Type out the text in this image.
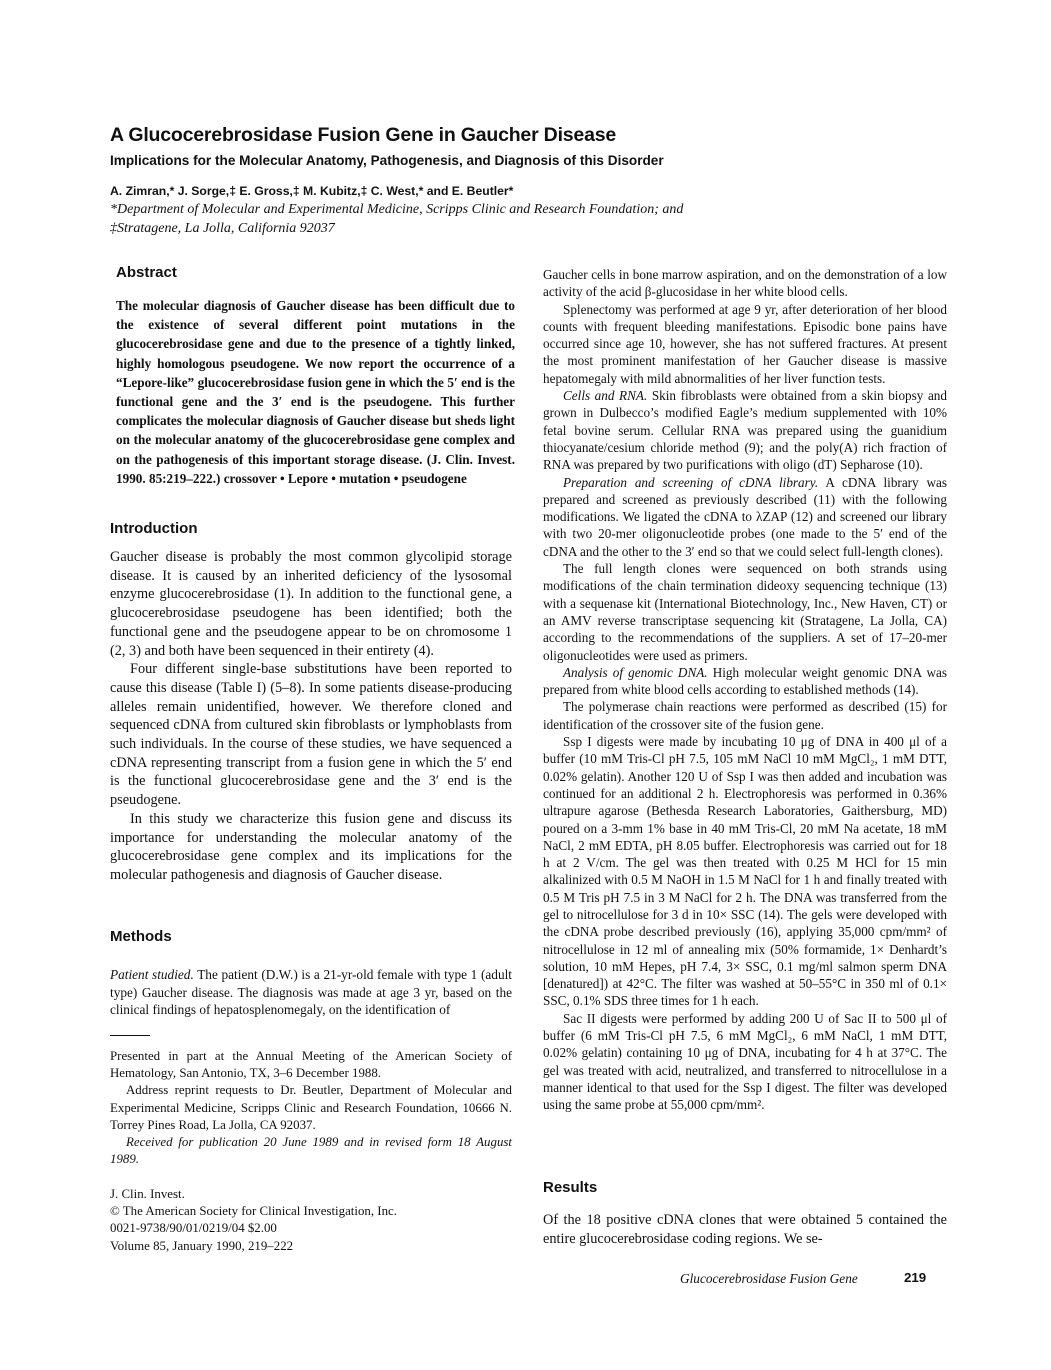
A Glucocerebrosidase Fusion Gene in Gaucher Disease
Implications for the Molecular Anatomy, Pathogenesis, and Diagnosis of this Disorder
A. Zimran,* J. Sorge,‡ E. Gross,‡ M. Kubitz,‡ C. West,* and E. Beutler*
*Department of Molecular and Experimental Medicine, Scripps Clinic and Research Foundation; and
‡Stratagene, La Jolla, California 92037
Abstract
The molecular diagnosis of Gaucher disease has been difficult due to the existence of several different point mutations in the glucocerebrosidase gene and due to the presence of a tightly linked, highly homologous pseudogene. We now report the occurrence of a “Lepore-like” glucocerebrosidase fusion gene in which the 5′ end is the functional gene and the 3′ end is the pseudogene. This further complicates the molecular diagnosis of Gaucher disease but sheds light on the molecular anatomy of the glucocerebrosidase gene complex and on the pathogenesis of this important storage disease. (J. Clin. Invest. 1990. 85:219–222.) crossover • Lepore • mutation • pseudogene
Introduction

Gaucher disease is probably the most common glycolipid storage disease. It is caused by an inherited deficiency of the lysosomal enzyme glucocerebrosidase (1). In addition to the functional gene, a glucocerebrosidase pseudogene has been identified; both the functional gene and the pseudogene appear to be on chromosome 1 (2, 3) and both have been sequenced in their entirety (4).

Four different single-base substitutions have been reported to cause this disease (Table I) (5–8). In some patients disease-producing alleles remain unidentified, however. We therefore cloned and sequenced cDNA from cultured skin fibroblasts or lymphoblasts from such individuals. In the course of these studies, we have sequenced a cDNA representing transcript from a fusion gene in which the 5′ end is the functional glucocerebrosidase gene and the 3′ end is the pseudogene.

In this study we characterize this fusion gene and discuss its importance for understanding the molecular anatomy of the glucocerebrosidase gene complex and its implications for the molecular pathogenesis and diagnosis of Gaucher disease.

Methods

Patient studied. The patient (D.W.) is a 21-yr-old female with type 1 (adult type) Gaucher disease. The diagnosis was made at age 3 yr, based on the clinical findings of hepatosplenomegaly, on the identification of

Presented in part at the Annual Meeting of the American Society of Hematology, San Antonio, TX, 3–6 December 1988.

Address reprint requests to Dr. Beutler, Department of Molecular and Experimental Medicine, Scripps Clinic and Research Foundation, 10666 N. Torrey Pines Road, La Jolla, CA 92037.

Received for publication 20 June 1989 and in revised form 18 August 1989.

J. Clin. Invest.
© The American Society for Clinical Investigation, Inc.
0021-9738/90/01/0219/04 $2.00
Volume 85, January 1990, 219–222

Gaucher cells in bone marrow aspiration, and on the demonstration of a low activity of the acid β-glucosidase in her white blood cells.

Splenectomy was performed at age 9 yr, after deterioration of her blood counts with frequent bleeding manifestations. Episodic bone pains have occurred since age 10, however, she has not suffered fractures. At present the most prominent manifestation of her Gaucher disease is massive hepatomegaly with mild abnormalities of her liver function tests.

Cells and RNA. Skin fibroblasts were obtained from a skin biopsy and grown in Dulbecco’s modified Eagle’s medium supplemented with 10% fetal bovine serum. Cellular RNA was prepared using the guanidium thiocyanate/cesium chloride method (9); and the poly(A) rich fraction of RNA was prepared by two purifications with oligo (dT) Sepharose (10).

Preparation and screening of cDNA library. A cDNA library was prepared and screened as previously described (11) with the following modifications. We ligated the cDNA to λZAP (12) and screened our library with two 20-mer oligonucleotide probes (one made to the 5′ end of the cDNA and the other to the 3′ end so that we could select full-length clones).

The full length clones were sequenced on both strands using modifications of the chain termination dideoxy sequencing technique (13) with a sequenase kit (International Biotechnology, Inc., New Haven, CT) or an AMV reverse transcriptase sequencing kit (Stratagene, La Jolla, CA) according to the recommendations of the suppliers. A set of 17–20-mer oligonucleotides were used as primers.

Analysis of genomic DNA. High molecular weight genomic DNA was prepared from white blood cells according to established methods (14).

The polymerase chain reactions were performed as described (15) for identification of the crossover site of the fusion gene.

Ssp I digests were made by incubating 10 μg of DNA in 400 μl of a buffer (10 mM Tris-Cl pH 7.5, 105 mM NaCl 10 mM MgCl₂, 1 mM DTT, 0.02% gelatin). Another 120 U of Ssp I was then added and incubation was continued for an additional 2 h. Electrophoresis was performed in 0.36% ultrapure agarose (Bethesda Research Laboratories, Gaithersburg, MD) poured on a 3-mm 1% base in 40 mM Tris-Cl, 20 mM Na acetate, 18 mM NaCl, 2 mM EDTA, pH 8.05 buffer. Electrophoresis was carried out for 18 h at 2 V/cm. The gel was then treated with 0.25 M HCl for 15 min alkalinized with 0.5 M NaOH in 1.5 M NaCl for 1 h and finally treated with 0.5 M Tris pH 7.5 in 3 M NaCl for 2 h. The DNA was transferred from the gel to nitrocellulose for 3 d in 10× SSC (14). The gels were developed with the cDNA probe described previously (16), applying 35,000 cpm/mm² of nitrocellulose in 12 ml of annealing mix (50% formamide, 1× Denhardt’s solution, 10 mM Hepes, pH 7.4, 3× SSC, 0.1 mg/ml salmon sperm DNA [denatured]) at 42°C. The filter was washed at 50–55°C in 350 ml of 0.1× SSC, 0.1% SDS three times for 1 h each.

Sac II digests were performed by adding 200 U of Sac II to 500 μl of buffer (6 mM Tris-Cl pH 7.5, 6 mM MgCl₂, 6 mM NaCl, 1 mM DTT, 0.02% gelatin) containing 10 μg of DNA, incubating for 4 h at 37°C. The gel was treated with acid, neutralized, and transferred to nitrocellulose in a manner identical to that used for the Ssp I digest. The filter was developed using the same probe at 55,000 cpm/mm².

Results

Of the 18 positive cDNA clones that were obtained 5 contained the entire glucocerebrosidase coding regions. We se-

Glucocerebrosidase Fusion Gene	219
